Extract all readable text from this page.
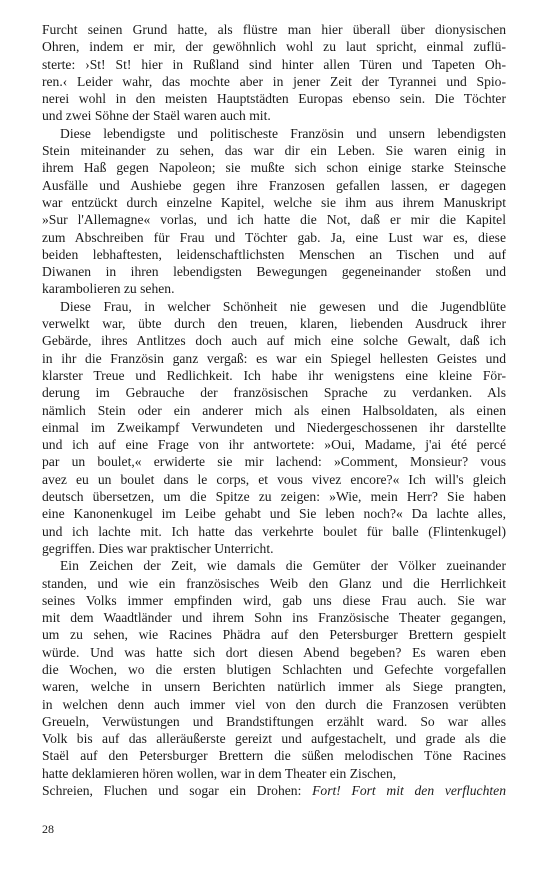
Furcht seinen Grund hatte, als flüstre man hier überall über dionysischen
Ohren, indem er mir, der gewöhnlich wohl zu laut spricht, einmal zuflü-
sterte: ›St! St! hier in Rußland sind hinter allen Türen und Tapeten Oh-
ren.‹ Leider wahr, das mochte aber in jener Zeit der Tyrannei und Spio-
nerei wohl in den meisten Hauptstädten Europas ebenso sein. Die Töchter
und zwei Söhne der Staël waren auch mit.
Diese lebendigste und politischeste Französin und unsern lebendigsten
Stein miteinander zu sehen, das war dir ein Leben. Sie waren einig in
ihrem Haß gegen Napoleon; sie mußte sich schon einige starke Steinsche
Ausfälle und Aushiebe gegen ihre Franzosen gefallen lassen, er dagegen
war entzückt durch einzelne Kapitel, welche sie ihm aus ihrem Manuskript
»Sur l'Allemagne« vorlas, und ich hatte die Not, daß er mir die Kapitel
zum Abschreiben für Frau und Töchter gab. Ja, eine Lust war es, diese
beiden lebhaftesten, leidenschaftlichsten Menschen an Tischen und auf
Diwanen in ihren lebendigsten Bewegungen gegeneinander stoßen und
karambolieren zu sehen.
Diese Frau, in welcher Schönheit nie gewesen und die Jugendblüte
verwelkt war, übte durch den treuen, klaren, liebenden Ausdruck ihrer
Gebärde, ihres Antlitzes doch auch auf mich eine solche Gewalt, daß ich
in ihr die Französin ganz vergaß: es war ein Spiegel hellesten Geistes und
klarster Treue und Redlichkeit. Ich habe ihr wenigstens eine kleine För-
derung im Gebrauche der französischen Sprache zu verdanken. Als
nämlich Stein oder ein anderer mich als einen Halbsoldaten, als einen
einmal im Zweikampf Verwundeten und Niedergeschossenen ihr darstellte
und ich auf eine Frage von ihr antwortete: »Oui, Madame, j'ai été percé
par un boulet,« erwiderte sie mir lachend: »Comment, Monsieur? vous
avez eu un boulet dans le corps, et vous vivez encore?« Ich will's gleich
deutsch übersetzen, um die Spitze zu zeigen: »Wie, mein Herr? Sie haben
eine Kanonenkugel im Leibe gehabt und Sie leben noch?« Da lachte alles,
und ich lachte mit. Ich hatte das verkehrte boulet für balle (Flintenkugel)
gegriffen. Dies war praktischer Unterricht.
Ein Zeichen der Zeit, wie damals die Gemüter der Völker zueinander
standen, und wie ein französisches Weib den Glanz und die Herrlichkeit
seines Volks immer empfinden wird, gab uns diese Frau auch. Sie war
mit dem Waadtländer und ihrem Sohn ins Französische Theater gegangen,
um zu sehen, wie Racines Phädra auf den Petersburger Brettern gespielt
würde. Und was hatte sich dort diesen Abend begeben? Es waren eben
die Wochen, wo die ersten blutigen Schlachten und Gefechte vorgefallen
waren, welche in unsern Berichten natürlich immer als Siege prangten,
in welchen denn auch immer viel von den durch die Franzosen verübten
Greueln, Verwüstungen und Brandstiftungen erzählt ward. So war alles
Volk bis auf das alleräußerste gereizt und aufgestachelt, und grade als die
Staël auf den Petersburger Brettern die süßen melodischen Töne Racines
hatte deklamieren hören wollen, war in dem Theater ein Zischen,
Schreien, Fluchen und sogar ein Drohen: Fort! Fort mit den verfluchten
28
